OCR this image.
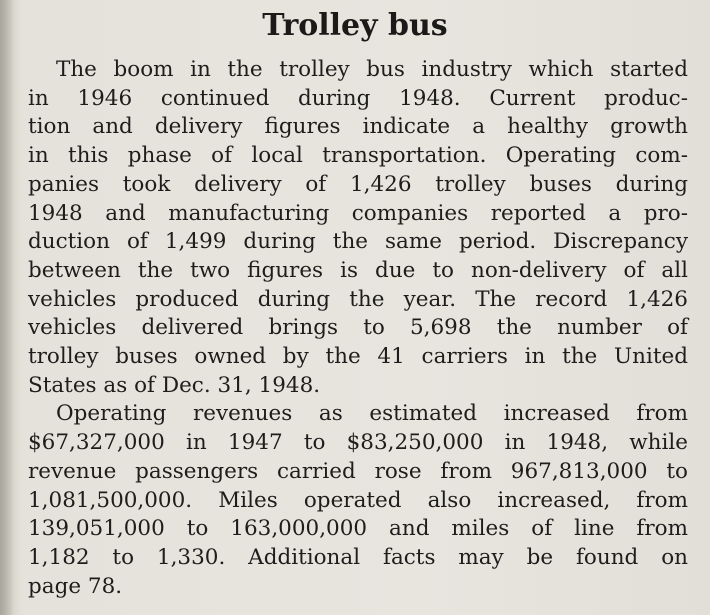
Trolley bus

The boom in the trolley bus industry which started
in 1946 continued during 1948. Current produc-
tion and delivery figures indicate a healthy growth
in this phase of local transportation. Operating com-
panies took delivery of 1,426 trolley buses during
1948 and manufacturing companies reported a pro-
duction of 1,499 during the same period. Discrepancy
between the two figures is due to non-delivery of all
vehicles produced during the year. The record 1,426
vehicles delivered brings to 5,698 the number of
trolley buses owned by the 41 carriers in the United
States as of Dec. 31, 1948.

Operating revenues as estimated increased from
$67,327,000 in 1947 to $83,250,000 in 1948, while
revenue passengers carried rose from 967,813,000 to
1,081,500,000. Miles operated also increased, from
139,051,000 to 163,000,000 and miles of line from
1,182 to 1,330. Additional facts may be found on
page 78.
